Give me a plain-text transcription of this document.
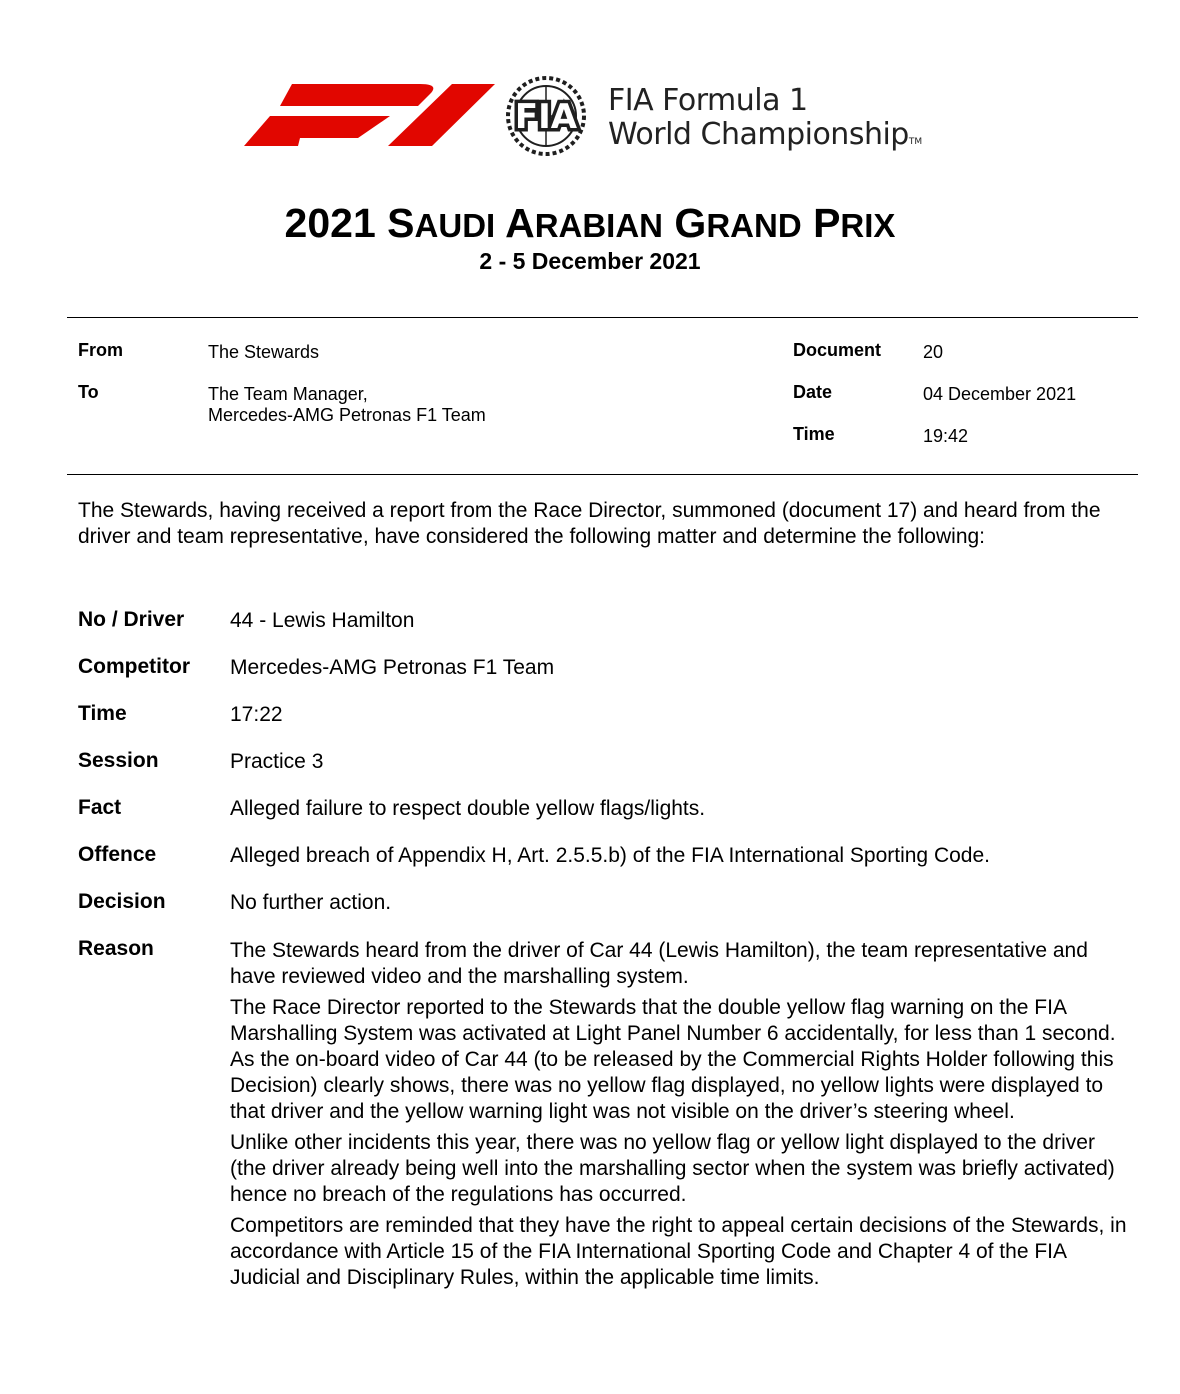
FIA FIA Formula 1
World ChampionshipTM
2021 SAUDI ARABIAN GRAND PRIX
2 - 5 December 2021
From	The Stewards
To	The Team Manager,
Mercedes-AMG Petronas F1 Team
Document 20
Date	04 December 2021
Time	19:42
The Stewards, having received a report from the Race Director, summoned (document 17) and heard from the driver and team representative, have considered the following matter and determine the following:
No / Driver 44 - Lewis Hamilton
Competitor Mercedes-AMG Petronas F1 Team
Time	17:22
Session	Practice 3
Fact	Alleged failure to respect double yellow flags/lights.
Offence	Alleged breach of Appendix H, Art. 2.5.5.b) of the FIA International Sporting Code.
Decision	No further action.
Reason	The Stewards heard from the driver of Car 44 (Lewis Hamilton), the team representative and have reviewed video and the marshalling system.

The Race Director reported to the Stewards that the double yellow flag warning on the FIA Marshalling System was activated at Light Panel Number 6 accidentally, for less than 1 second. As the on-board video of Car 44 (to be released by the Commercial Rights Holder following this Decision) clearly shows, there was no yellow flag displayed, no yellow lights were displayed to that driver and the yellow warning light was not visible on the driver’s steering wheel.

Unlike other incidents this year, there was no yellow flag or yellow light displayed to the driver (the driver already being well into the marshalling sector when the system was briefly activated) hence no breach of the regulations has occurred.

Competitors are reminded that they have the right to appeal certain decisions of the Stewards, in accordance with Article 15 of the FIA International Sporting Code and Chapter 4 of the FIA Judicial and Disciplinary Rules, within the applicable time limits.
